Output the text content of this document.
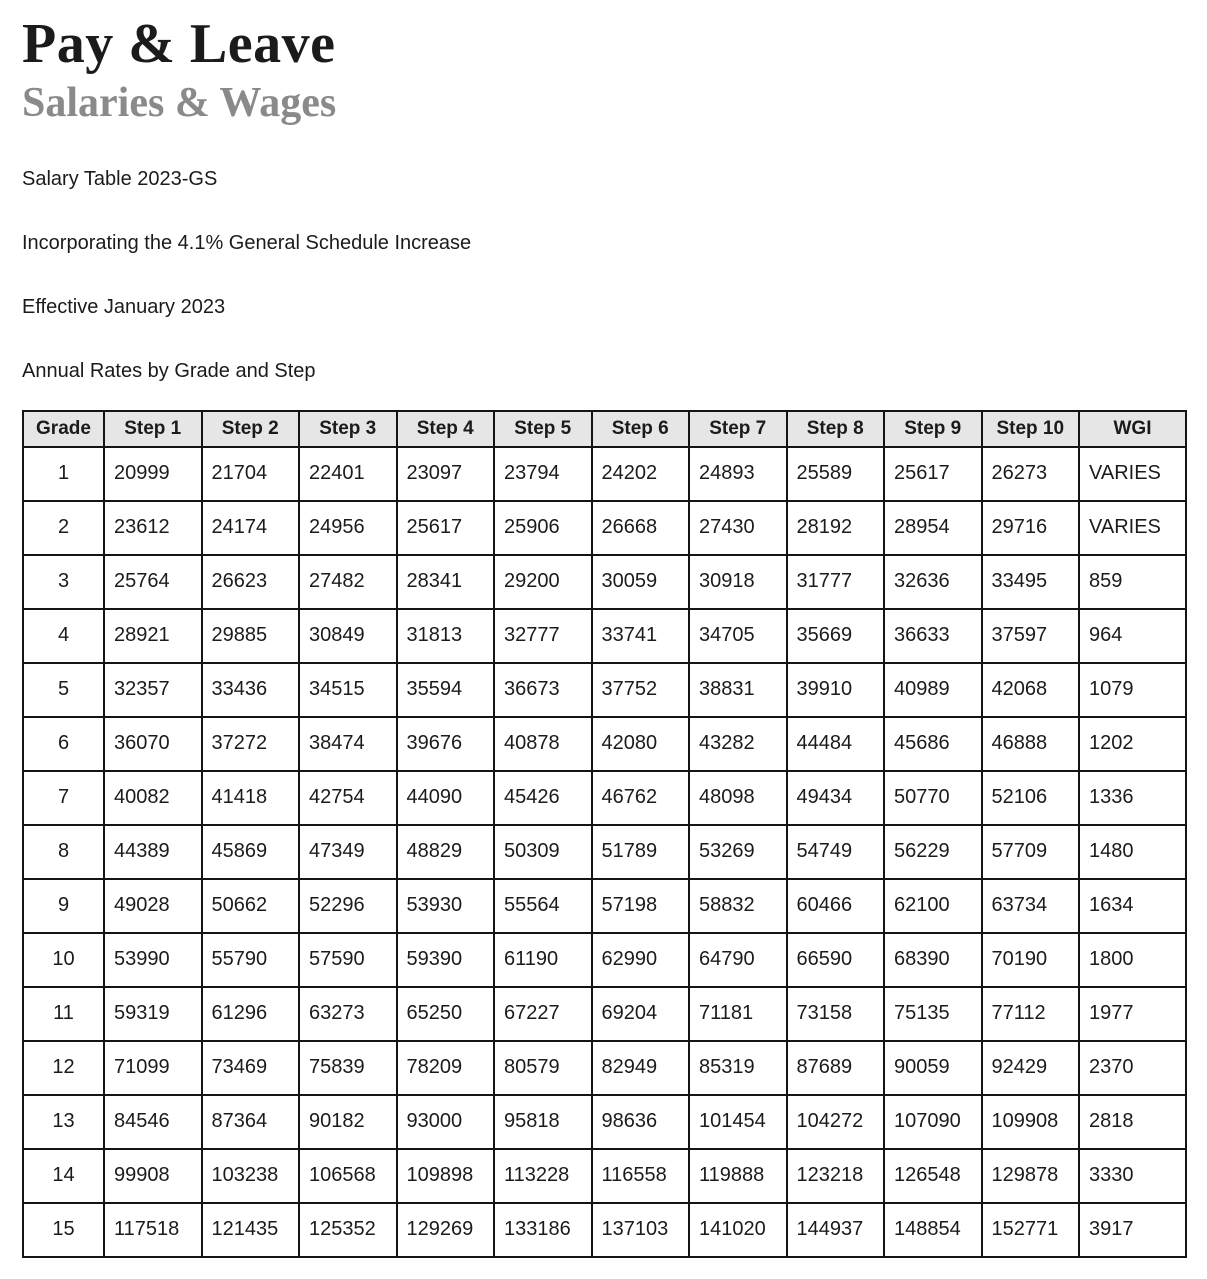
Pay & Leave
Salaries & Wages

Salary Table 2023-GS

Incorporating the 4.1% General Schedule Increase

Effective January 2023

Annual Rates by Grade and Step

Grade	Step 1	Step 2	Step 3	Step 4	Step 5	Step 6	Step 7	Step 8	Step 9	Step 10	WGI
1	20999	21704	22401	23097	23794	24202	24893	25589	25617	26273	VARIES
2	23612	24174	24956	25617	25906	26668	27430	28192	28954	29716	VARIES
3	25764	26623	27482	28341	29200	30059	30918	31777	32636	33495	859
4	28921	29885	30849	31813	32777	33741	34705	35669	36633	37597	964
5	32357	33436	34515	35594	36673	37752	38831	39910	40989	42068	1079
6	36070	37272	38474	39676	40878	42080	43282	44484	45686	46888	1202
7	40082	41418	42754	44090	45426	46762	48098	49434	50770	52106	1336
8	44389	45869	47349	48829	50309	51789	53269	54749	56229	57709	1480
9	49028	50662	52296	53930	55564	57198	58832	60466	62100	63734	1634
10	53990	55790	57590	59390	61190	62990	64790	66590	68390	70190	1800
11	59319	61296	63273	65250	67227	69204	71181	73158	75135	77112	1977
12	71099	73469	75839	78209	80579	82949	85319	87689	90059	92429	2370
13	84546	87364	90182	93000	95818	98636	101454	104272	107090	109908	2818
14	99908	103238	106568	109898	113228	116558	119888	123218	126548	129878	3330
15	117518	121435	125352	129269	133186	137103	141020	144937	148854	152771	3917
